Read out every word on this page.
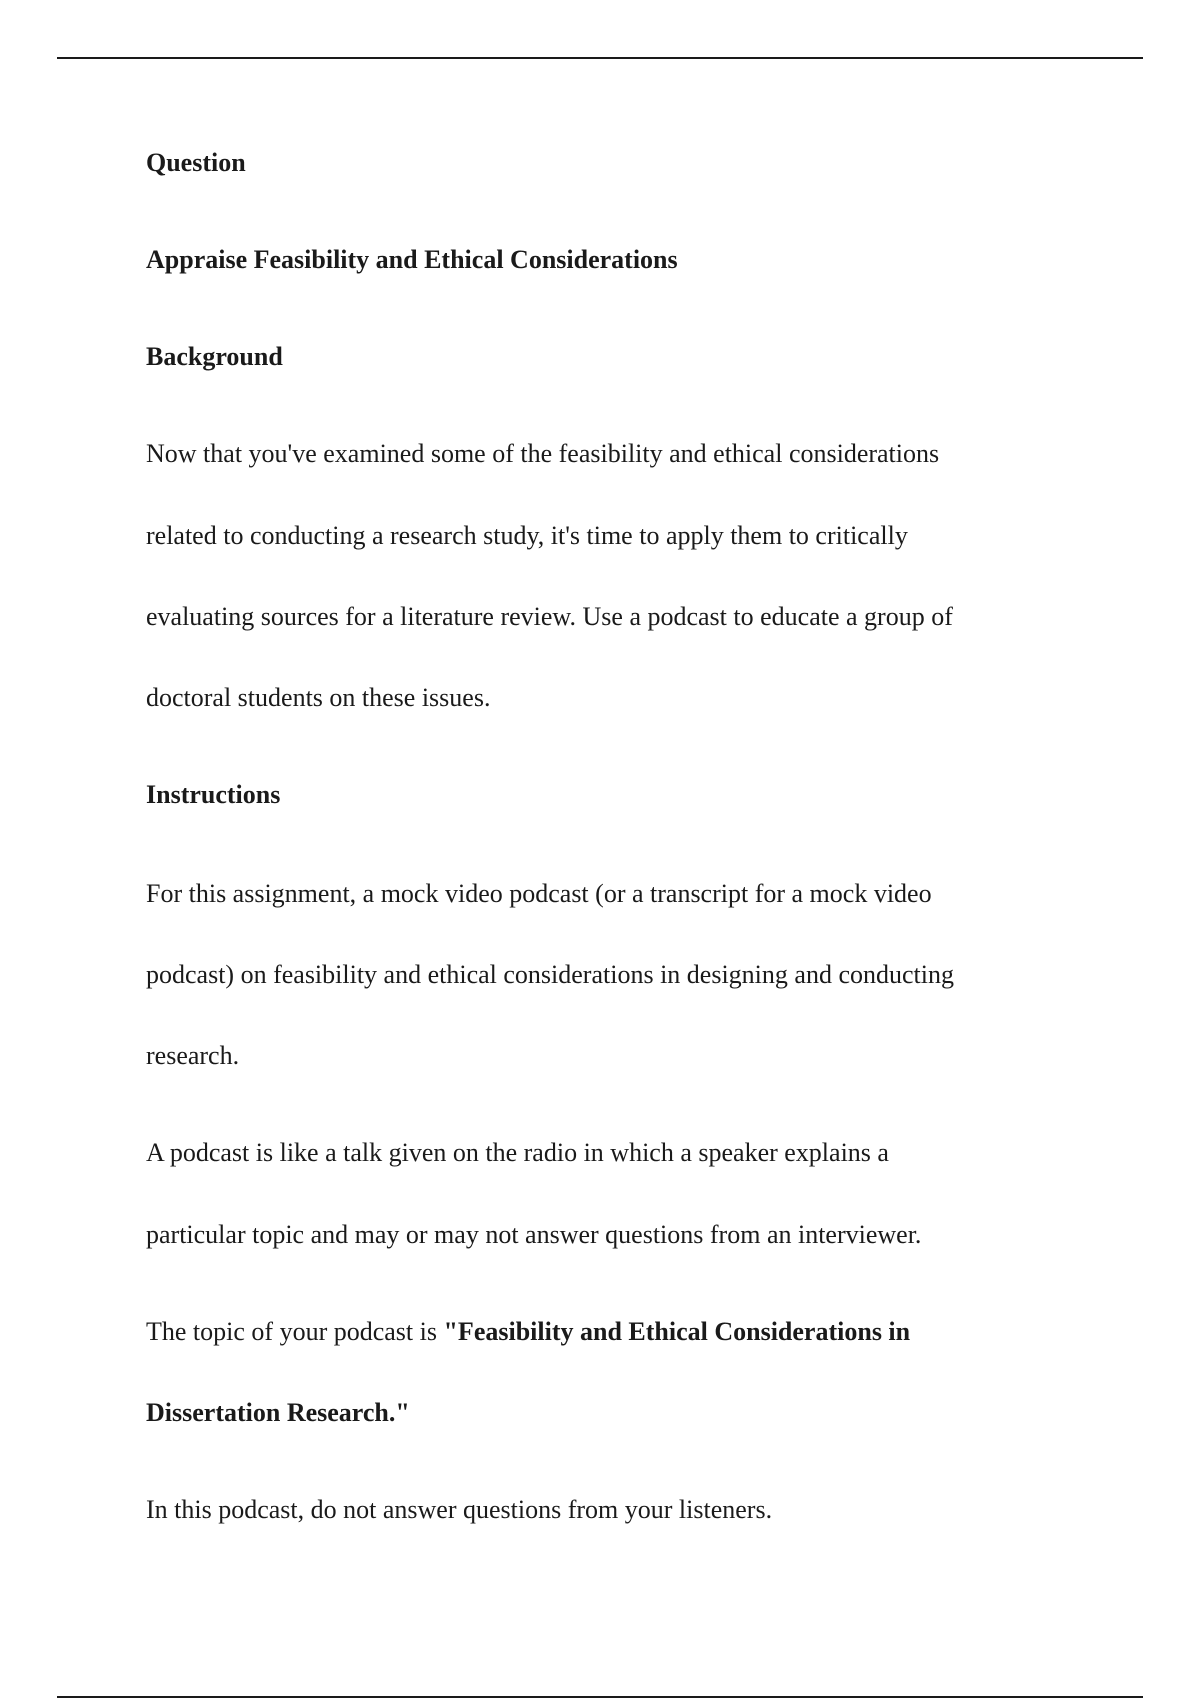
Question
Appraise Feasibility and Ethical Considerations
Background
Now that you've examined some of the feasibility and ethical considerations
related to conducting a research study, it's time to apply them to critically
evaluating sources for a literature review. Use a podcast to educate a group of
doctoral students on these issues.
Instructions
For this assignment, a mock video podcast (or a transcript for a mock video
podcast) on feasibility and ethical considerations in designing and conducting
research.
A podcast is like a talk given on the radio in which a speaker explains a
particular topic and may or may not answer questions from an interviewer.
The topic of your podcast is "Feasibility and Ethical Considerations in
Dissertation Research."
In this podcast, do not answer questions from your listeners.
